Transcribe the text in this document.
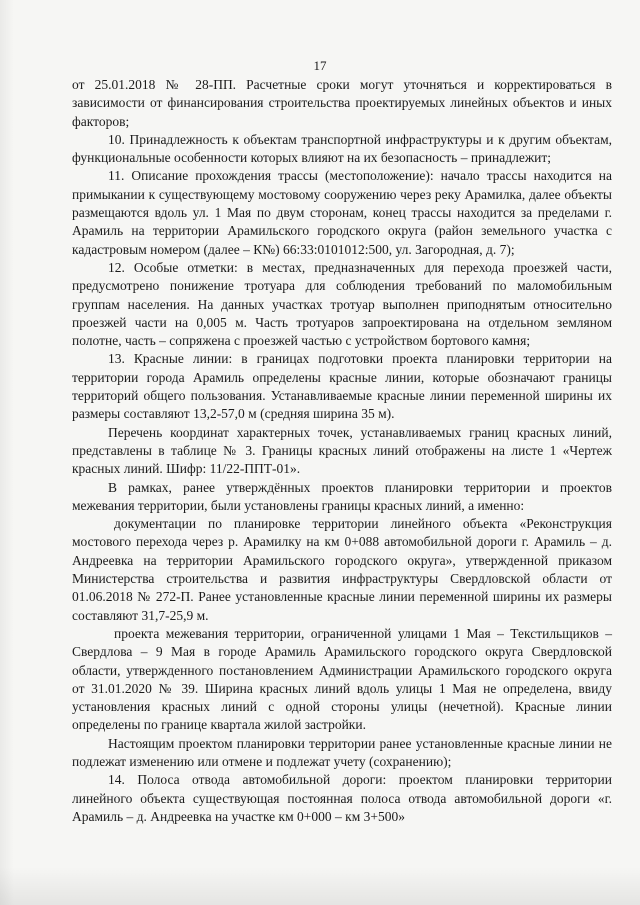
17

от 25.01.2018 № 28-ПП. Расчетные сроки могут уточняться и корректироваться в зависимости от финансирования строительства проектируемых линейных объектов и иных факторов;

10. Принадлежность к объектам транспортной инфраструктуры и к другим объектам, функциональные особенности которых влияют на их безопасность – принадлежит;

11. Описание прохождения трассы (местоположение): начало трассы находится на примыкании к существующему мостовому сооружению через реку Арамилка, далее объекты размещаются вдоль ул. 1 Мая по двум сторонам, конец трассы находится за пределами г. Арамиль на территории Арамильского городского округа (район земельного участка с кадастровым номером (далее – К№) 66:33:0101012:500, ул. Загородная, д. 7);

12. Особые отметки: в местах, предназначенных для перехода проезжей части, предусмотрено понижение тротуара для соблюдения требований по маломобильным группам населения. На данных участках тротуар выполнен приподнятым относительно проезжей части на 0,005 м. Часть тротуаров запроектирована на отдельном земляном полотне, часть – сопряжена с проезжей частью с устройством бортового камня;

13. Красные линии: в границах подготовки проекта планировки территории на территории города Арамиль определены красные линии, которые обозначают границы территорий общего пользования. Устанавливаемые красные линии переменной ширины их размеры составляют 13,2-57,0 м (средняя ширина 35 м).

Перечень координат характерных точек, устанавливаемых границ красных линий, представлены в таблице № 3. Границы красных линий отображены на листе 1 «Чертеж красных линий. Шифр: 11/22-ППТ-01».

В рамках, ранее утверждённых проектов планировки территории и проектов межевания территории, были установлены границы красных линий, а именно:

документации по планировке территории линейного объекта «Реконструкция мостового перехода через р. Арамилку на км 0+088 автомобильной дороги г. Арамиль – д. Андреевка на территории Арамильского городского округа», утвержденной приказом Министерства строительства и развития инфраструктуры Свердловской области от 01.06.2018 № 272-П. Ранее установленные красные линии переменной ширины их размеры составляют 31,7-25,9 м.

проекта межевания территории, ограниченной улицами 1 Мая – Текстильщиков – Свердлова – 9 Мая в городе Арамиль Арамильского городского округа Свердловской области, утвержденного постановлением Администрации Арамильского городского округа от 31.01.2020 № 39. Ширина красных линий вдоль улицы 1 Мая не определена, ввиду установления красных линий с одной стороны улицы (нечетной). Красные линии определены по границе квартала жилой застройки.

Настоящим проектом планировки территории ранее установленные красные линии не подлежат изменению или отмене и подлежат учету (сохранению);

14. Полоса отвода автомобильной дороги: проектом планировки территории линейного объекта существующая постоянная полоса отвода автомобильной дороги «г. Арамиль – д. Андреевка на участке км 0+000 – км 3+500»
